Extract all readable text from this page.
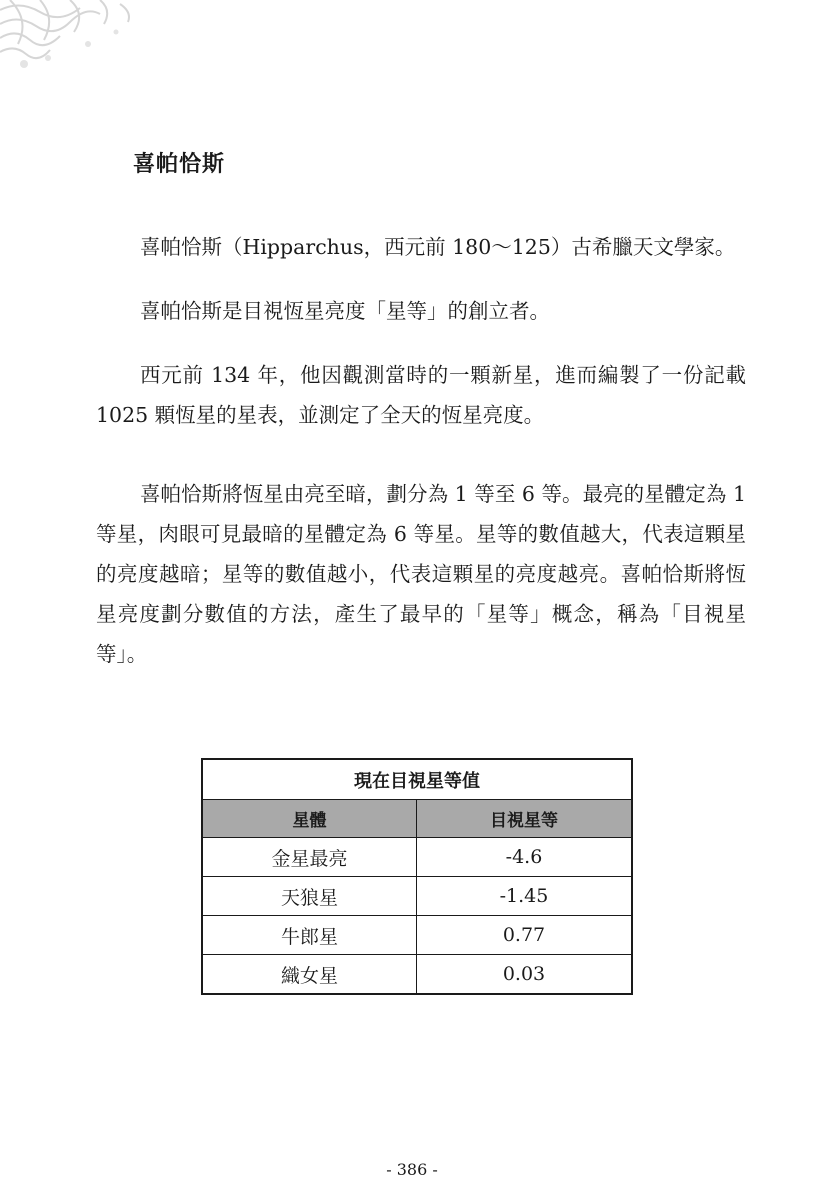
喜帕恰斯

喜帕恰斯（Hipparchus，西元前 180～125）古希臘天文學家。

喜帕恰斯是目視恆星亮度「星等」的創立者。

西元前 134 年，他因觀測當時的一顆新星，進而編製了一份記載 1025 顆恆星的星表，並測定了全天的恆星亮度。

喜帕恰斯將恆星由亮至暗，劃分為 1 等至 6 等。最亮的星體定為 1 等星，肉眼可見最暗的星體定為 6 等星。星等的數值越大，代表這顆星的亮度越暗；星等的數值越小，代表這顆星的亮度越亮。喜帕恰斯將恆星亮度劃分數值的方法，產生了最早的「星等」概念，稱為「目視星等」。

現在目視星等值	
星體	目視星等
金星最亮	-4.6
天狼星	-1.45
牛郎星	0.77
織女星	0.03
- 386 -
